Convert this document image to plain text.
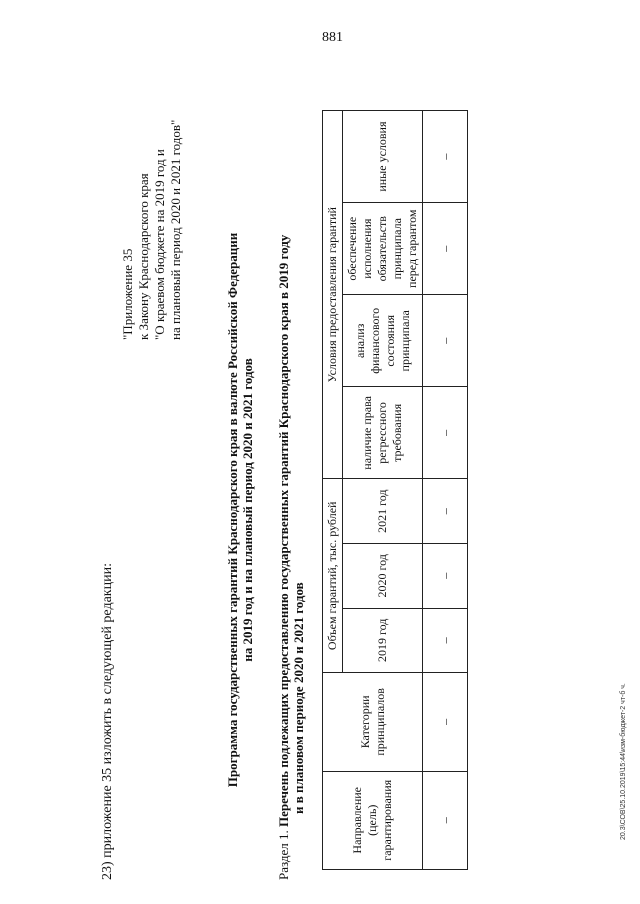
881
20.3\СОВ\25.10.2019\15:44\изм-бюджет-2 чт-б ч.
23) приложение 35 изложить в следующей редакции:
"Приложение 35 к Закону Краснодарского края "О краевом бюджете на 2019 год и на плановый период 2020 и 2021 годов"
Программа государственных гарантий Краснодарского края в валюте Российской Федерации на 2019 год и на плановый период 2020 и 2021 годов
Раздел 1. Перечень подлежащих предоставлению государственных гарантий Краснодарского края в 2019 году и в плановом периоде 2020 и 2021 годов
Направление (цель) гарантирования	Категории принципалов	Объем гарантий, тыс. рублей			Условия предоставления гарантий			
		2019 год	2020 год	2021 год	наличие права регрессного требования	анализ финансового состояния принципала	обеспечение исполнения обязательств принципала перед гарантом	иные условия
–	–	–	–	–	–	–	–	–
